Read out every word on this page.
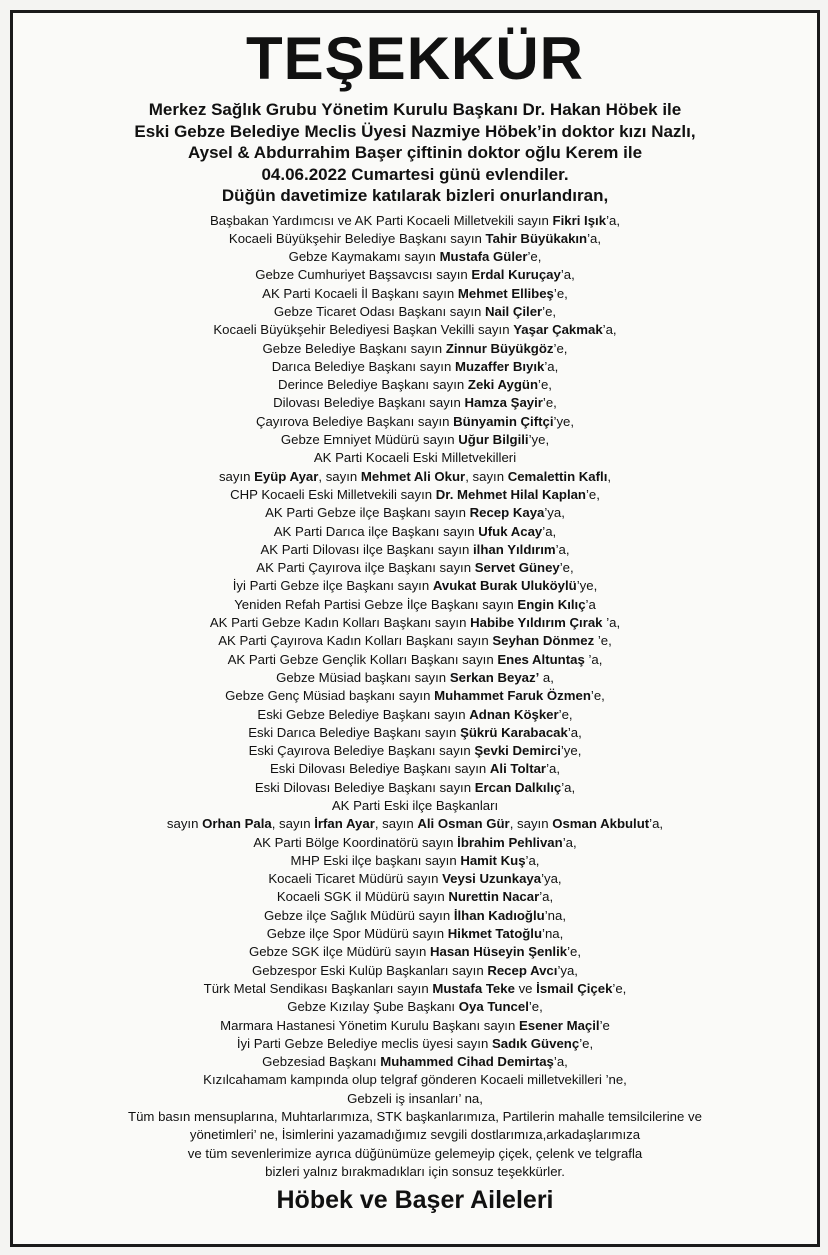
TEŞEKKÜR
Merkez Sağlık Grubu Yönetim Kurulu Başkanı Dr. Hakan Höbek ile
Eski Gebze Belediye Meclis Üyesi Nazmiye Höbek’in doktor kızı Nazlı,
Aysel & Abdurrahim Başer çiftinin doktor oğlu Kerem ile
04.06.2022 Cumartesi günü evlendiler.
Düğün davetimize katılarak bizleri onurlandıran,
Başbakan Yardımcısı ve AK Parti Kocaeli Milletvekili sayın Fikri Işık’a,
Kocaeli Büyükşehir Belediye Başkanı sayın Tahir Büyükakın’a,
Gebze Kaymakamı sayın Mustafa Güler’e,
Gebze Cumhuriyet Başsavcısı sayın Erdal Kuruçay’a,
AK Parti Kocaeli İl Başkanı sayın Mehmet Ellibeş’e,
Gebze Ticaret Odası Başkanı sayın Nail Çiler’e,
Kocaeli Büyükşehir Belediyesi Başkan Vekilli sayın Yaşar Çakmak’a,
Gebze Belediye Başkanı sayın Zinnur Büyükgöz’e,
Darıca Belediye Başkanı sayın Muzaffer Bıyık’a,
Derince Belediye Başkanı sayın Zeki Aygün’e,
Dilovası Belediye Başkanı sayın Hamza Şayir’e,
Çayırova Belediye Başkanı sayın Bünyamin Çiftçi’ye,
Gebze Emniyet Müdürü sayın Uğur Bilgili’ye,
AK Parti Kocaeli Eski Milletvekilleri
sayın Eyüp Ayar, sayın Mehmet Ali Okur, sayın Cemalettin Kaflı,
CHP Kocaeli Eski Milletvekili sayın Dr. Mehmet Hilal Kaplan’e,
AK Parti Gebze ilçe Başkanı sayın Recep Kaya’ya,
AK Parti Darıca ilçe Başkanı sayın Ufuk Acay’a,
AK Parti Dilovası ilçe Başkanı sayın ilhan Yıldırım’a,
AK Parti Çayırova ilçe Başkanı sayın Servet Güney’e,
İyi Parti Gebze ilçe Başkanı sayın Avukat Burak Uluköylü’ye,
Yeniden Refah Partisi Gebze İlçe Başkanı sayın Engin Kılıç’a
AK Parti Gebze Kadın Kolları Başkanı sayın Habibe Yıldırım Çırak ’a,
AK Parti Çayırova Kadın Kolları Başkanı sayın Seyhan Dönmez ’e,
AK Parti Gebze Gençlik Kolları Başkanı sayın Enes Altuntaş ’a,
Gebze Müsiad başkanı sayın Serkan Beyaz’ a,
Gebze Genç Müsiad başkanı sayın Muhammet Faruk Özmen’e,
Eski Gebze Belediye Başkanı sayın Adnan Köşker’e,
Eski Darıca Belediye Başkanı sayın Şükrü Karabacak’a,
Eski Çayırova Belediye Başkanı sayın Şevki Demirci’ye,
Eski Dilovası Belediye Başkanı sayın Ali Toltar’a,
Eski Dilovası Belediye Başkanı sayın Ercan Dalkılıç’a,
AK Parti Eski ilçe Başkanları
sayın Orhan Pala, sayın İrfan Ayar, sayın Ali Osman Gür, sayın Osman Akbulut’a,
AK Parti Bölge Koordinatörü sayın İbrahim Pehlivan’a,
MHP Eski ilçe başkanı sayın Hamit Kuş’a,
Kocaeli Ticaret Müdürü sayın Veysi Uzunkaya’ya,
Kocaeli SGK il Müdürü sayın Nurettin Nacar’a,
Gebze ilçe Sağlık Müdürü sayın İlhan Kadıoğlu’na,
Gebze ilçe Spor Müdürü sayın Hikmet Tatoğlu’na,
Gebze SGK ilçe Müdürü sayın Hasan Hüseyin Şenlik’e,
Gebzespor Eski Kulüp Başkanları sayın Recep Avcı’ya,
Türk Metal Sendikası Başkanları sayın Mustafa Teke ve İsmail Çiçek’e,
Gebze Kızılay Şube Başkanı Oya Tuncel’e,
Marmara Hastanesi Yönetim Kurulu Başkanı sayın Esener Maçil’e
İyi Parti Gebze Belediye meclis üyesi sayın Sadık Güvenç’e,
Gebzesiad Başkanı Muhammed Cihad Demirtaş’a,
Kızılcahamam kampında olup telgraf gönderen Kocaeli milletvekilleri ’ne,
Gebzeli iş insanları’ na,
Tüm basın mensuplarına, Muhtarlarımıza, STK başkanlarımıza, Partilerin mahalle temsilcilerine ve
yönetimleri’ ne, İsimlerini yazamadığımız sevgili dostlarımıza,arkadaşlarımıza
ve tüm sevenlerimize ayrıca düğünümüze gelemeyip çiçek, çelenk ve telgrafla
bizleri yalnız bırakmadıkları için sonsuz teşekkürler.
Höbek ve Başer Aileleri
